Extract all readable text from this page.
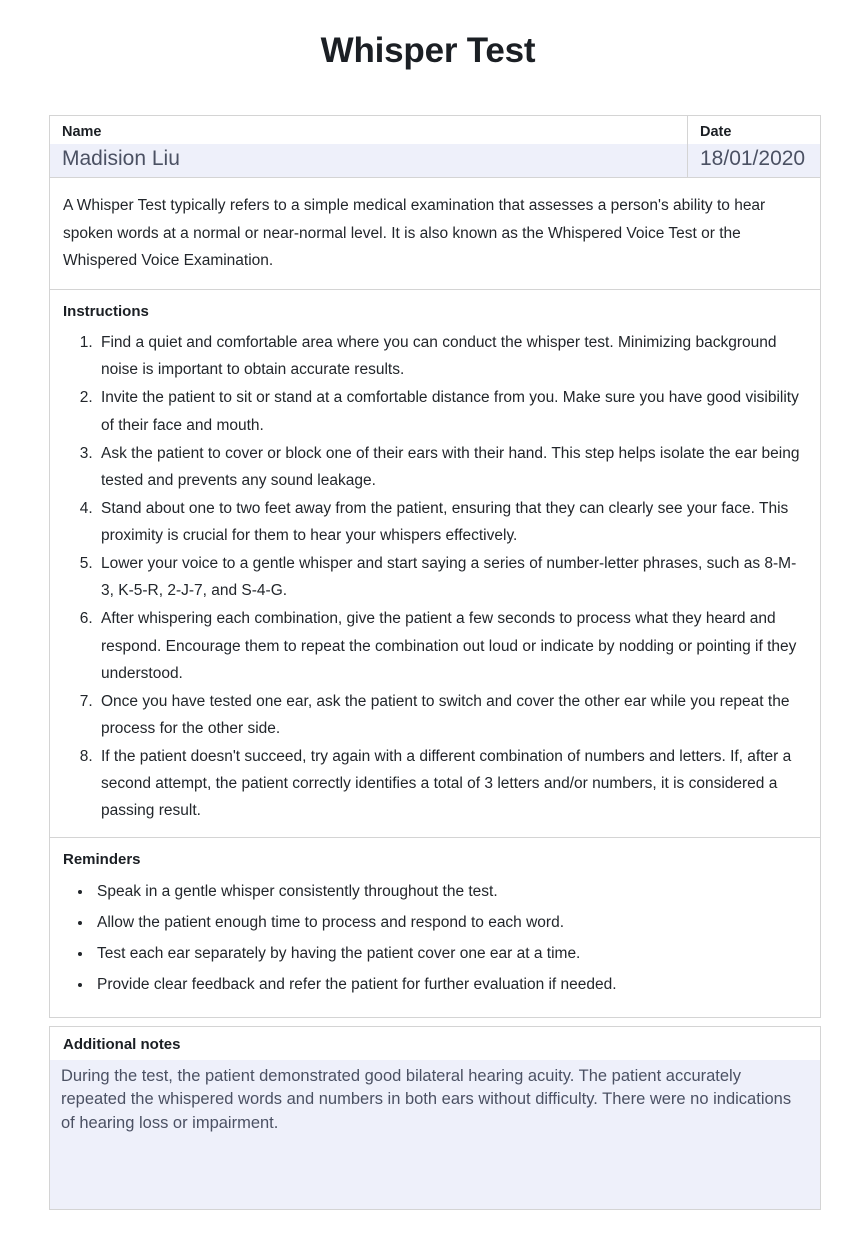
Whisper Test
Name
Madision Liu
Date
18/01/2020

A Whisper Test typically refers to a simple medical examination that assesses a person's ability to hear spoken words at a normal or near-normal level. It is also known as the Whispered Voice Test or the Whispered Voice Examination.

Instructions
1. Find a quiet and comfortable area where you can conduct the whisper test. Minimizing background noise is important to obtain accurate results.
2. Invite the patient to sit or stand at a comfortable distance from you. Make sure you have good visibility of their face and mouth.
3. Ask the patient to cover or block one of their ears with their hand. This step helps isolate the ear being tested and prevents any sound leakage.
4. Stand about one to two feet away from the patient, ensuring that they can clearly see your face. This proximity is crucial for them to hear your whispers effectively.
5. Lower your voice to a gentle whisper and start saying a series of number-letter phrases, such as 8-M-3, K-5-R, 2-J-7, and S-4-G.
6. After whispering each combination, give the patient a few seconds to process what they heard and respond. Encourage them to repeat the combination out loud or indicate by nodding or pointing if they understood.
7. Once you have tested one ear, ask the patient to switch and cover the other ear while you repeat the process for the other side.
8. If the patient doesn't succeed, try again with a different combination of numbers and letters. If, after a second attempt, the patient correctly identifies a total of 3 letters and/or numbers, it is considered a passing result.
Reminders
• Speak in a gentle whisper consistently throughout the test.
• Allow the patient enough time to process and respond to each word.
• Test each ear separately by having the patient cover one ear at a time.
• Provide clear feedback and refer the patient for further evaluation if needed.
Additional notes
During the test, the patient demonstrated good bilateral hearing acuity. The patient accurately repeated the whispered words and numbers in both ears without difficulty. There were no indications of hearing loss or impairment.
